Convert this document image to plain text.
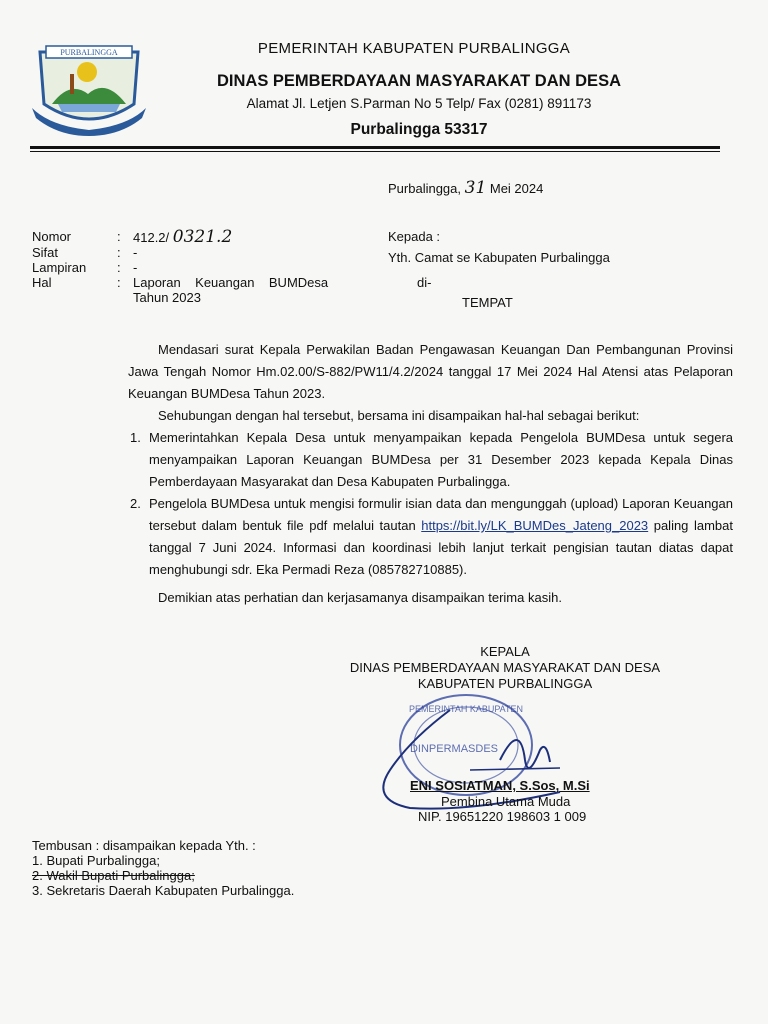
PURBALINGGA	PEMERINTAH KABUPATEN PURBALINGGA
DINAS PEMBERDAYAAN MASYARAKAT DAN DESA
Alamat Jl. Letjen S.Parman No 5 Telp/ Fax (0281) 891173
Purbalingga 53317
Purbalingga, 31 Mei 2024
Nomor	: 412.2/ 0321.2
Sifat	: -
Lampiran : -
Hal	: Laporan    Keuangan    BUMDesa
Tahun 2023
Kepada :
Yth. Camat se Kabupaten Purbalingga
di-
TEMPAT

Mendasari surat Kepala Perwakilan Badan Pengawasan Keuangan Dan Pembangunan Provinsi Jawa Tengah Nomor Hm.02.00/S-882/PW11/4.2/2024 tanggal 17 Mei 2024 Hal Atensi atas Pelaporan Keuangan BUMDesa Tahun 2023.

Sehubungan dengan hal tersebut, bersama ini disampaikan hal-hal sebagai berikut:

1. Memerintahkan Kepala Desa untuk menyampaikan kepada Pengelola BUMDesa untuk segera menyampaikan Laporan Keuangan BUMDesa per 31 Desember 2023 kepada Kepala Dinas Pemberdayaan Masyarakat dan Desa Kabupaten Purbalingga.
2. Pengelola BUMDesa untuk mengisi formulir isian data dan mengunggah (upload) Laporan Keuangan tersebut dalam bentuk file pdf melalui tautan https://bit.ly/LK_BUMDes_Jateng_2023 paling lambat tanggal 7 Juni 2024. Informasi dan koordinasi lebih lanjut terkait pengisian tautan diatas dapat menghubungi sdr. Eka Permadi Reza (085782710885).

Demikian atas perhatian dan kerjasamanya disampaikan terima kasih.

KEPALA
DINAS PEMBERDAYAAN MASYARAKAT DAN DESA
KABUPATEN PURBALINGGA
PEMERINTAH KABUPATEN
DINPERMASDES
ENI SOSIATMAN, S.Sos, M.Si
Pembina Utama Muda
NIP. 19651220 198603 1 009
Tembusan : disampaikan kepada Yth. :
1. Bupati Purbalingga;
2. Wakil Bupati Purbalingga;
3. Sekretaris Daerah Kabupaten Purbalingga.
